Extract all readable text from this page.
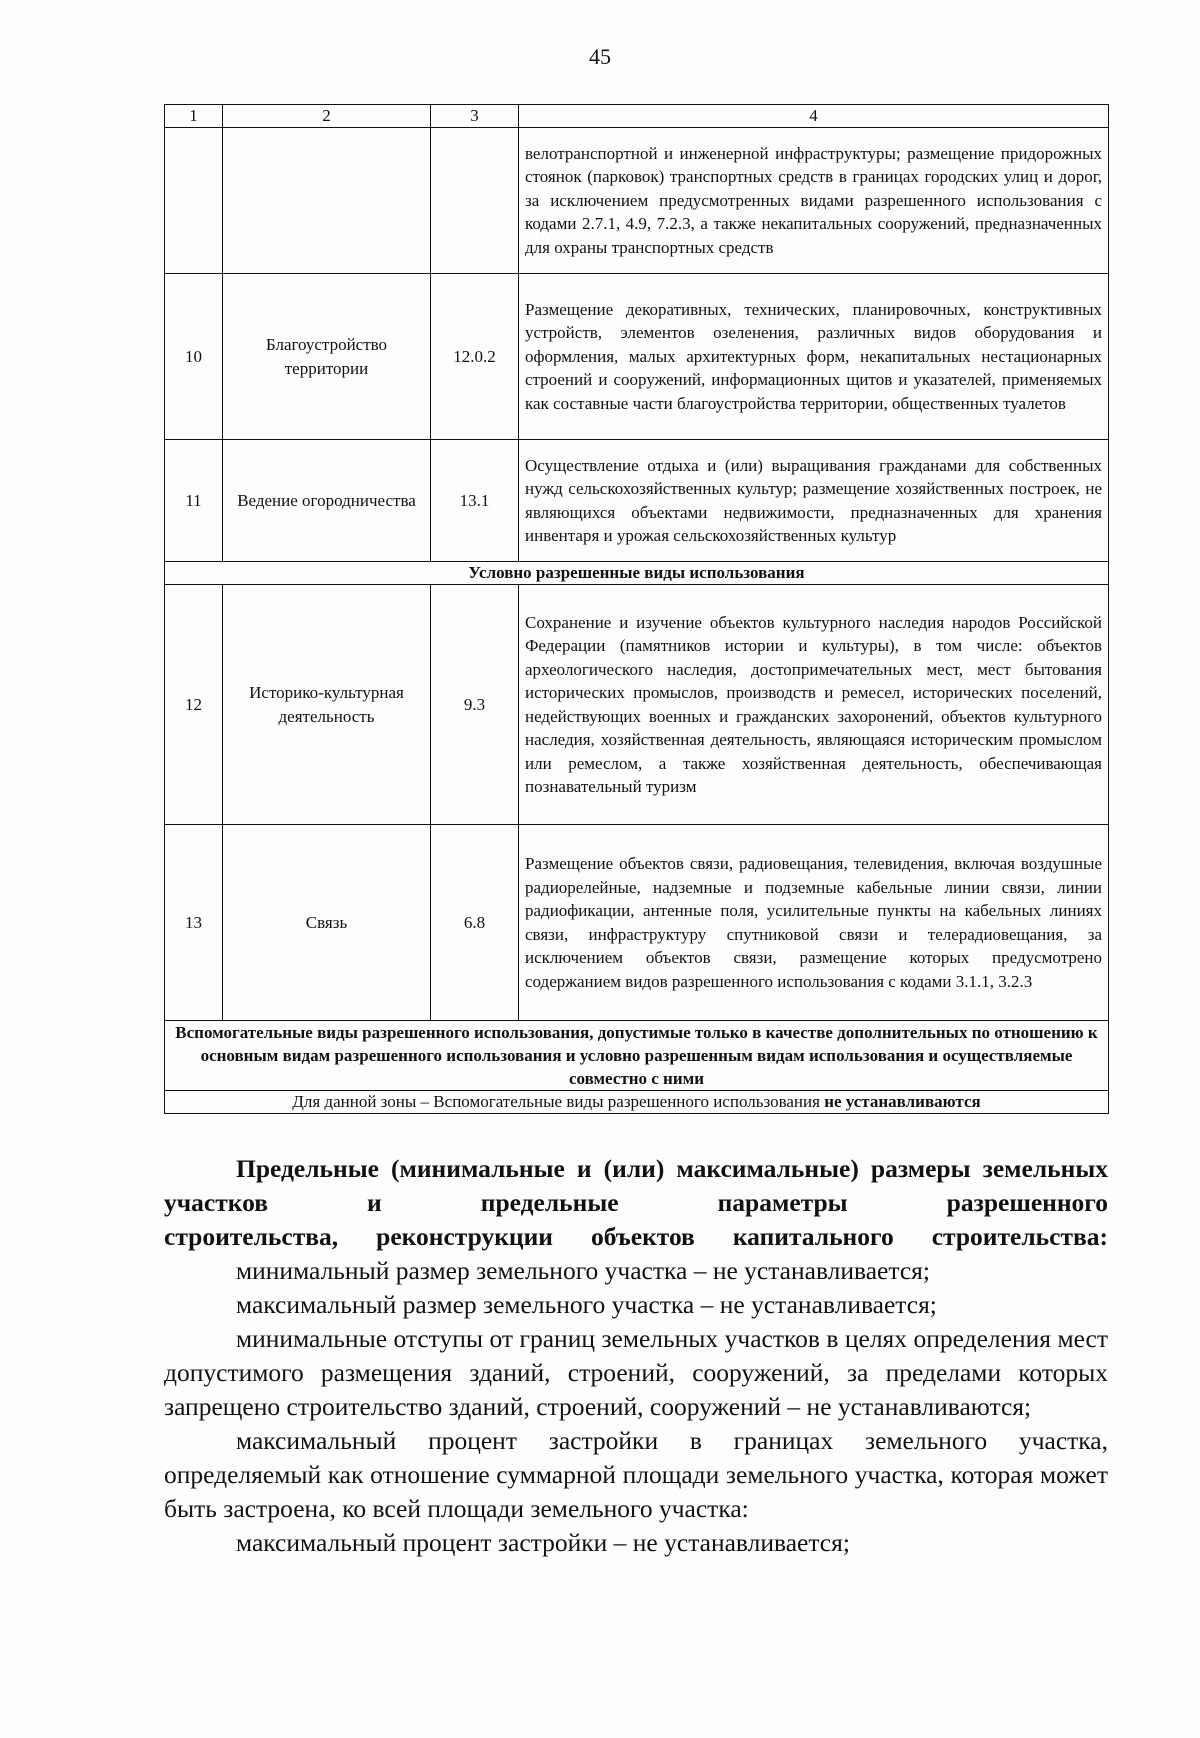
45
1	2	3	4
			велотранспортной и инженерной инфраструктуры; размещение придорожных стоянок (парковок) транспортных средств в границах городских улиц и дорог, за исключением предусмотренных видами разрешенного использования с кодами 2.7.1, 4.9, 7.2.3, а также некапитальных сооружений, предназначенных для охраны транспортных средств
10	Благоустройство территории	12.0.2	Размещение декоративных, технических, планировочных, конструктивных устройств, элементов озеленения, различных видов оборудования и оформления, малых архитектурных форм, некапитальных нестационарных строений и сооружений, информационных щитов и указателей, применяемых как составные части благоустройства территории, общественных туалетов
11	Ведение огородничества	13.1	Осуществление отдыха и (или) выращивания гражданами для собственных нужд сельскохозяйственных культур; размещение хозяйственных построек, не являющихся объектами недвижимости, предназначенных для хранения инвентаря и урожая сельскохозяйственных культур
Условно разрешенные виды использования			
12	Историко-культурная деятельность	9.3	Сохранение и изучение объектов культурного наследия народов Российской Федерации (памятников истории и культуры), в том числе: объектов археологического наследия, достопримечательных мест, мест бытования исторических промыслов, производств и ремесел, исторических поселений, недействующих военных и гражданских захоронений, объектов культурного наследия, хозяйственная деятельность, являющаяся историческим промыслом или ремеслом, а также хозяйственная деятельность, обеспечивающая познавательный туризм
13	Связь	6.8	Размещение объектов связи, радиовещания, телевидения, включая воздушные радиорелейные, надземные и подземные кабельные линии связи, линии радиофикации, антенные поля, усилительные пункты на кабельных линиях связи, инфраструктуру спутниковой связи и телерадиовещания, за исключением объектов связи, размещение которых предусмотрено содержанием видов разрешенного использования с кодами 3.1.1, 3.2.3
Вспомогательные виды разрешенного использования, допустимые только в качестве дополнительных по отношению к основным видам разрешенного использования и условно разрешенным видам использования и осуществляемые совместно с ними			
Для данной зоны – Вспомогательные виды разрешенного использования не устанавливаются			

Предельные (минимальные и (или) максимальные) размеры земельных участков и предельные параметры разрешенного

строительства, реконструкции объектов капитального строительства:

минимальный размер земельного участка – не устанавливается;

максимальный размер земельного участка – не устанавливается;

минимальные отступы от границ земельных участков в целях определения мест допустимого размещения зданий, строений, сооружений, за пределами которых запрещено строительство зданий, строений, сооружений – не устанавливаются;

максимальный процент застройки в границах земельного участка, определяемый как отношение суммарной площади земельного участка, которая может быть застроена, ко всей площади земельного участка:

максимальный процент застройки – не устанавливается;
